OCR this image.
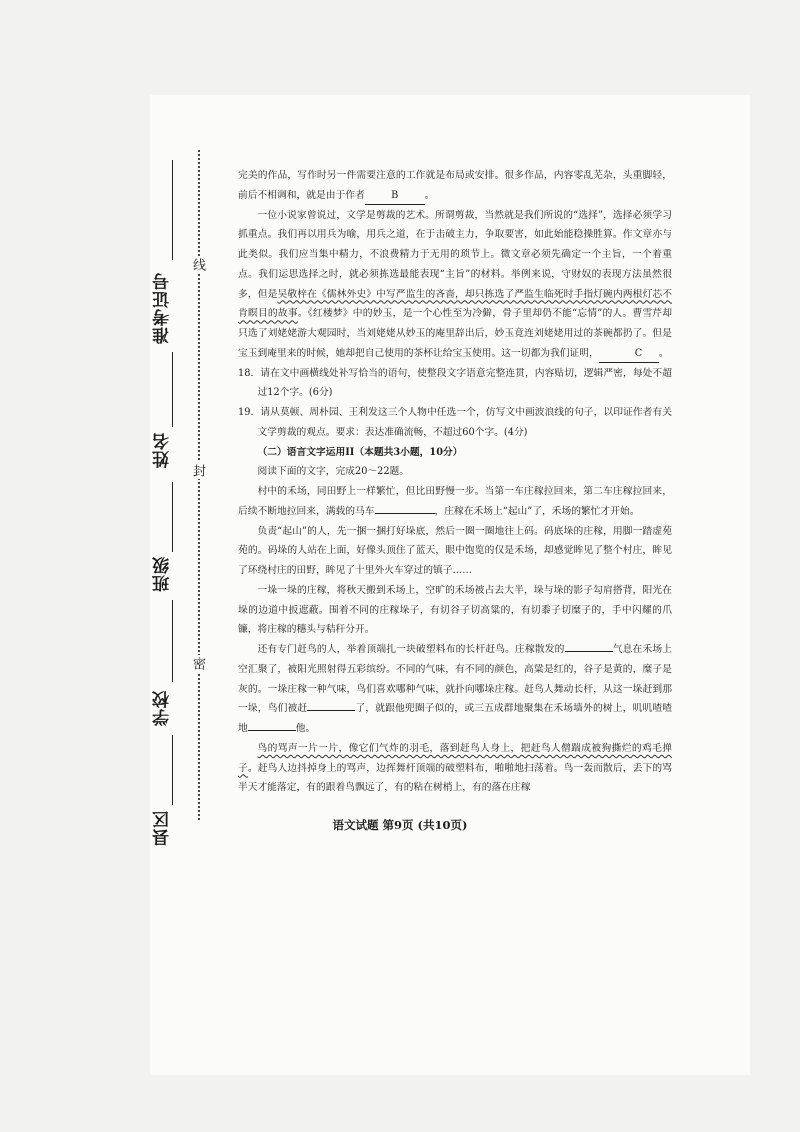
线
封
密
准考证号
姓名
班级
学校
县区

完美的作品，写作时另一件需要注意的工作就是布局或安排。很多作品，内容零乱芜杂，头重脚轻，前后不相调和，就是由于作者	B	。

一位小说家曾说过，文学是剪裁的艺术。所谓剪裁，当然就是我们所说的“选择”，选择必须学习抓重点。我们再以用兵为喻，用兵之道，在于击破主力，争取要害，如此始能稳操胜算。作文章亦与此类似。我们应当集中精力，不浪费精力于无用的琐节上。微文章必须先确定一个主旨，一个着重点。我们运思选择之时，就必须拣选最能表现“主旨”的材料。举例来说，守财奴的表现方法虽然很多，但是吴敬梓在《儒林外史》中写严监生的吝啬，却只拣选了严监生临死时手指灯碗内两根灯芯不肯瞑目的故事。《红楼梦》中的妙玉，是一个心性至为冷僻，骨子里却仍不能“忘情”的人。曹雪芹却只选了刘姥姥游大观园时，当刘姥姥从妙玉的庵里辞出后，妙玉竟连刘姥姥用过的茶碗都扔了。但是宝玉到庵里来的时候，她却把自己使用的茶杯让给宝玉使用。这一切都为我们证明，	C 。

18．请在文中画横线处补写恰当的语句，使整段文字语意完整连贯，内容贴切，逻辑严密，每处不超过12个字。(6分)

19．请从莫顿、周朴园、王利发这三个人物中任选一个，仿写文中画波浪线的句子，以印证作者有关文学剪裁的观点。要求：表达准确流畅，不超过60个字。(4分)

（二）语言文字运用II（本题共3小题，10分）

阅读下面的文字，完成20～22题。

村中的禾场，同田野上一样繁忙，但比田野慢一步。当第一车庄稼拉回来，第二车庄稼拉回来，后续不断地拉回来，满载的马车	，庄稼在禾场上“起山”了，禾场的繁忙才开始。

负责“起山”的人，先一捆一捆打好垛底，然后一圈一圈地往上码。码底垛的庄稼，用脚一踏虚苑苑的。码垛的人站在上面，好像头顶住了蓝天，眼中饱览的仅是禾场，却感觉眸见了整个村庄，眸见了环绕村庄的田野，眸见了十里外火车穿过的镇子……

一垛一垛的庄稼，将秋天搬到禾场上，空旷的禾场被占去大半，垛与垛的影子勾肩搭背，阳光在垛的边道中扳遮蔽。围着不同的庄稼垛子，有切谷子切高粱的，有切黍子切糜子的，手中闪耀的爪镰，将庄稼的穗头与秸秆分开。

还有专门赶鸟的人，举着顶端扎一块破塑料布的长杆赶鸟。庄稼散发的	气息在禾场上空汇聚了，被阳光照射得五彩缤纷。不同的气味，有不同的颜色，高粱是红的，谷子是黄的，糜子是灰的。一垛庄稼一种气味，鸟们喜欢哪种气味，就扑向哪垛庄稼。赶鸟人舞动长杆，从这一垛赶到那一垛，鸟们被赶	了，就跟他兜圈子似的，或三五成群地聚集在禾场墙外的树上，叽叽喳喳地	他。

鸟的骂声一片一片，像它们气炸的羽毛，落到赶鸟人身上，把赶鸟人僧踹成被狗撕烂的鸡毛掸子。赶鸟人边抖掉身上的骂声，边挥舞杆顶端的破塑料布，啪啪地扫荡着。鸟一轰而散后，丢下的骂半天才能落定，有的跟着鸟飘远了，有的粘在树梢上，有的落在庄稼

语文试题 第9页 (共10页)
